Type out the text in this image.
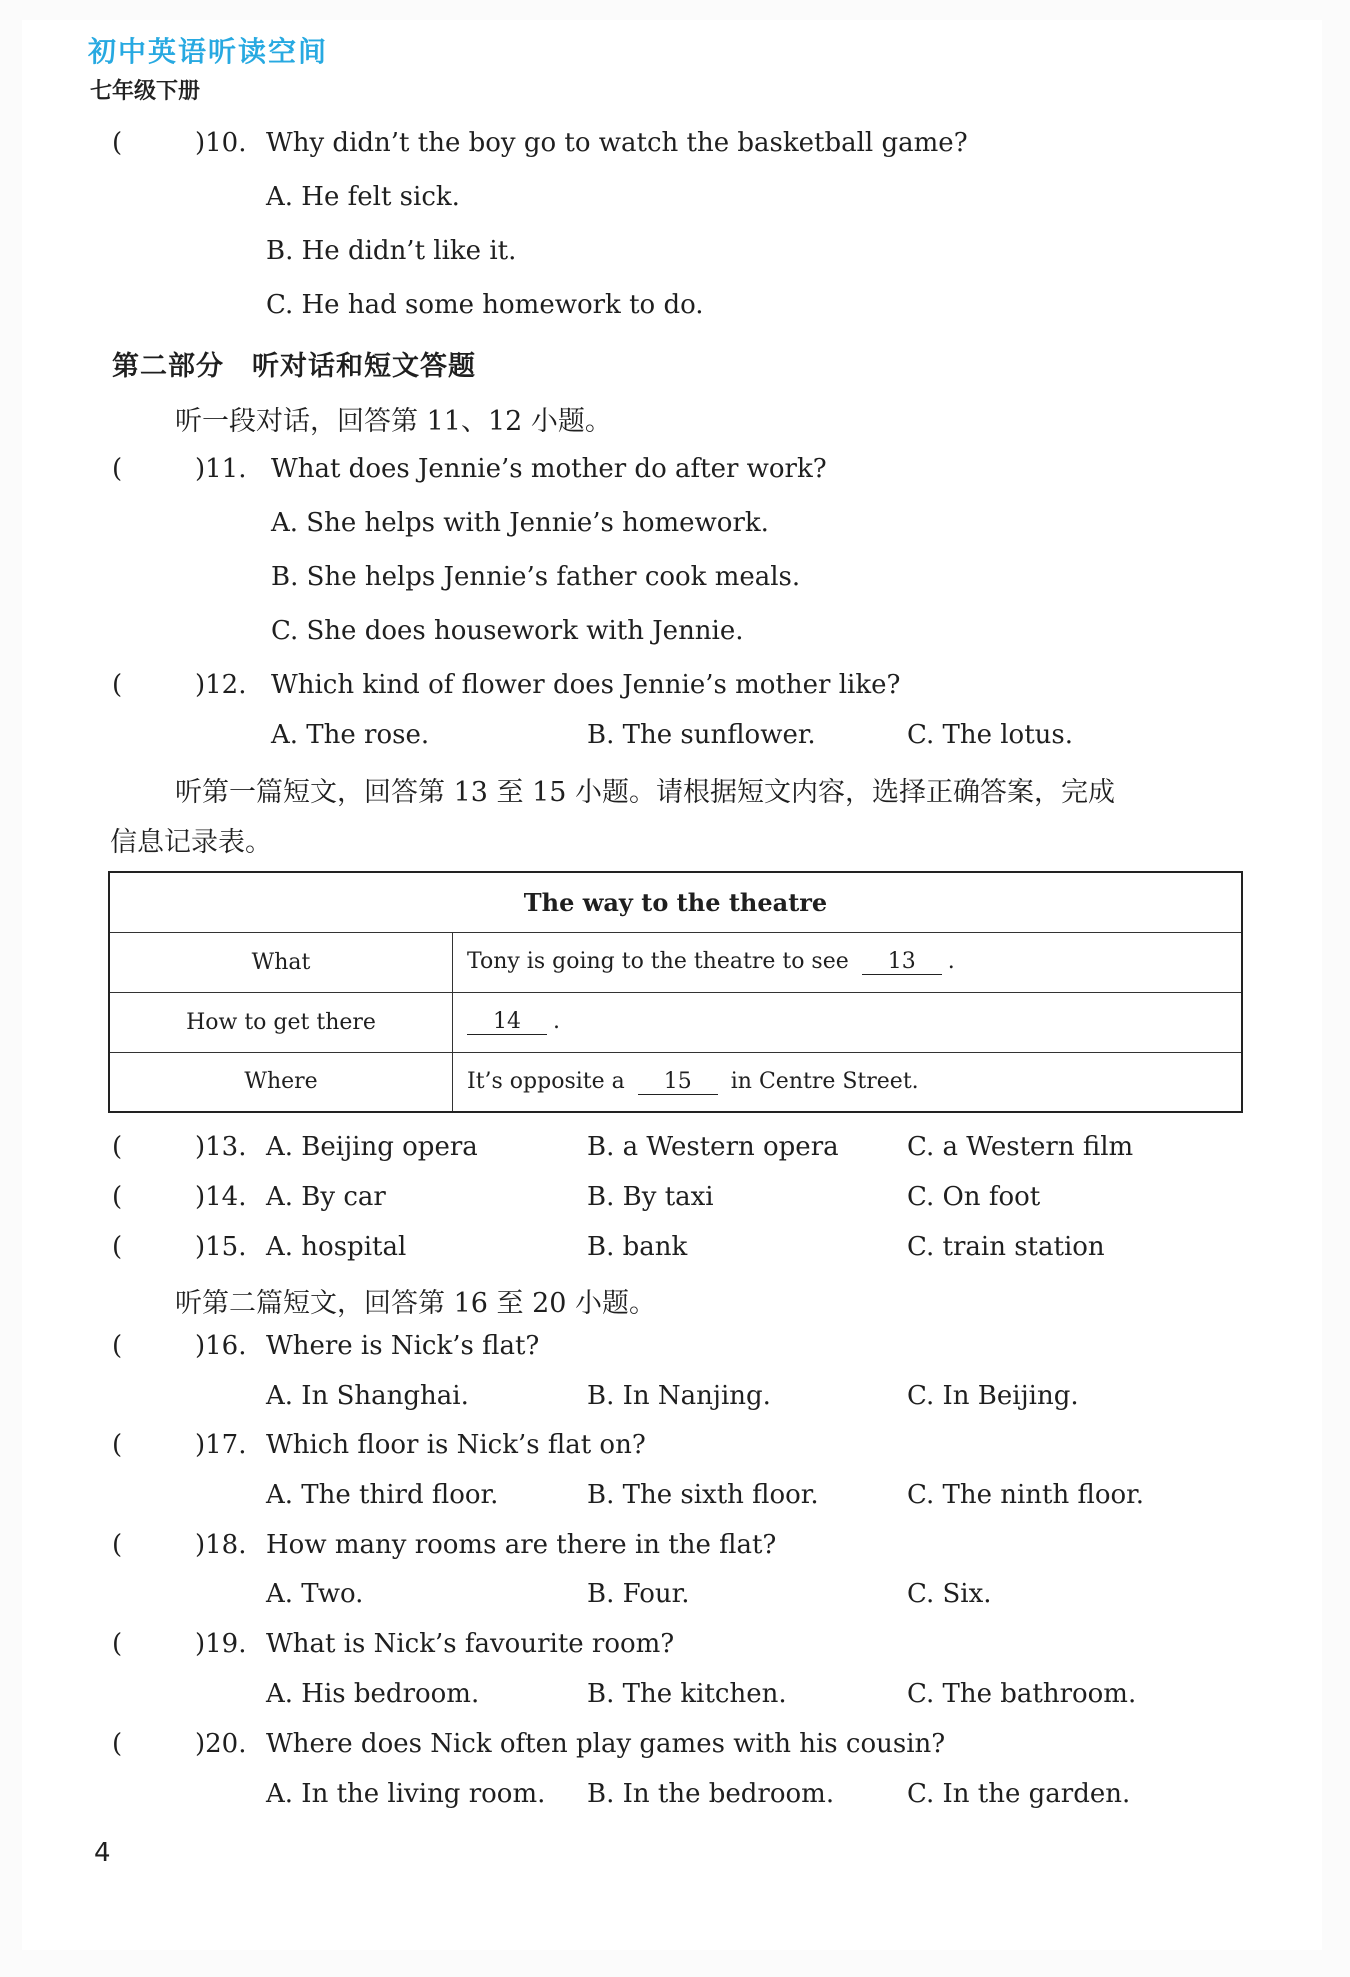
初中英语听读空间
七年级下册
(	)10. Why didn’t the boy go to watch the basketball game?
A. He felt sick.
B. He didn’t like it.
C. He had some homework to do.
第二部分　听对话和短文答题
听一段对话，回答第 11、12 小题。
(	)11. What does Jennie’s mother do after work?
A. She helps with Jennie’s homework.
B. She helps Jennie’s father cook meals.
C. She does housework with Jennie.
(	)12. Which kind of flower does Jennie’s mother like?
A. The rose.	B. The sunflower.	C. The lotus.
听第一篇短文，回答第 13 至 15 小题。请根据短文内容，选择正确答案，完成
信息记录表。
The way to the theatre	
What	Tony is going to the theatre to see 13 .
How to get there	14 .
Where	It’s opposite a 15 in Centre Street.
(	)13. A. Beijing opera	B. a Western opera	C. a Western film
(	)14. A. By car	B. By taxi	C. On foot
(	)15. A. hospital	B. bank	C. train station
听第二篇短文，回答第 16 至 20 小题。
(	)16. Where is Nick’s flat?
A. In Shanghai.	B. In Nanjing.	C. In Beijing.
(	)17. Which floor is Nick’s flat on?
A. The third floor.	B. The sixth floor.	C. The ninth floor.
(	)18. How many rooms are there in the flat?
A. Two.	B. Four.	C. Six.
(	)19. What is Nick’s favourite room?
A. His bedroom.	B. The kitchen.	C. The bathroom.
(	)20. Where does Nick often play games with his cousin?
A. In the living room. B. In the bedroom.	C. In the garden.
4
